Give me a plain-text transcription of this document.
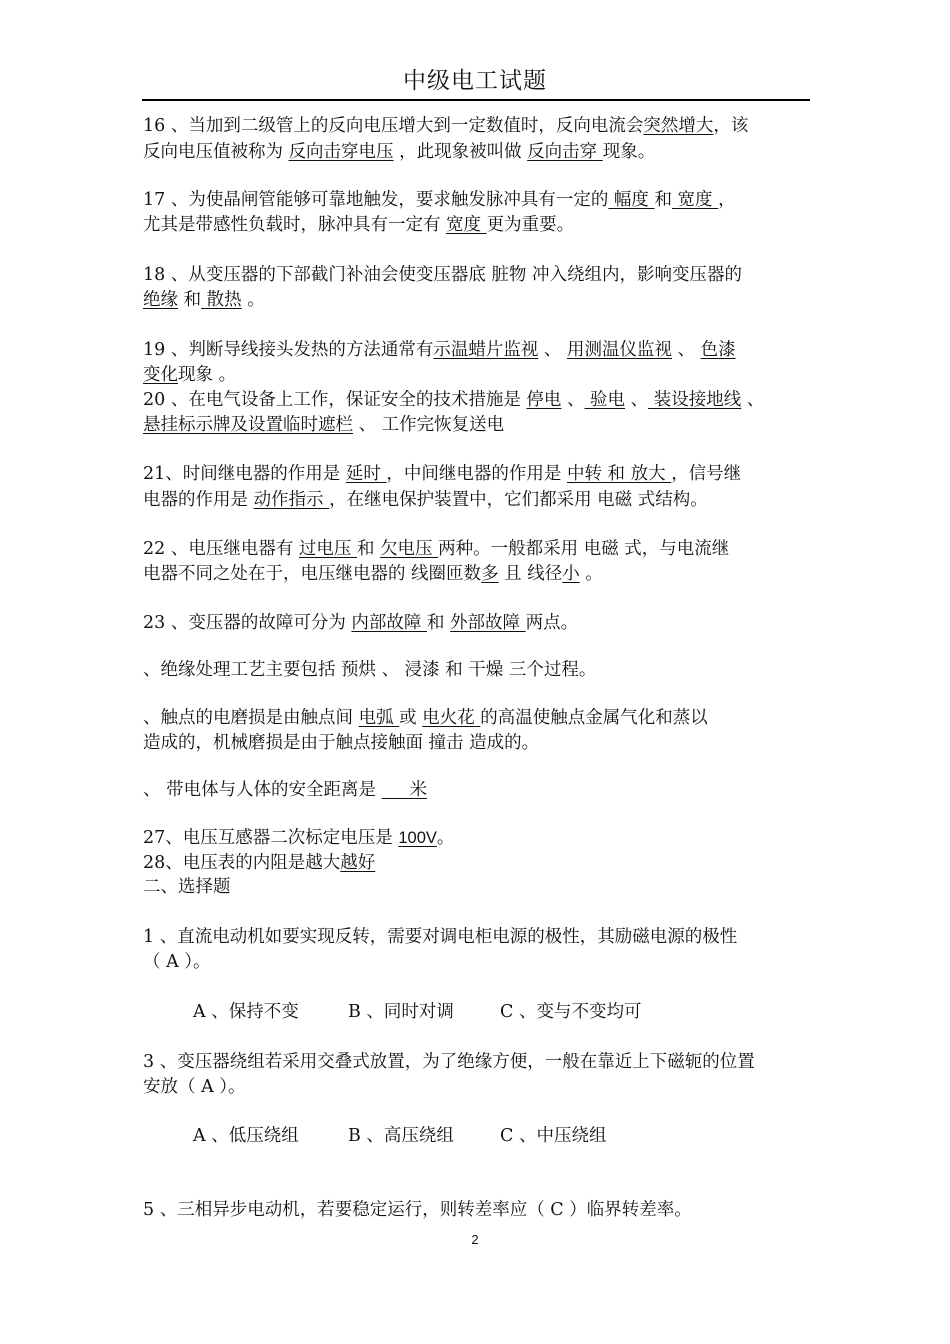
中级电工试题
16 、当加到二级管上的反向电压增大到一定数值时，反向电流会突然增大，该
反向电压值被称为 反向击穿电压 ，此现象被叫做 反向击穿 现象。
17 、为使晶闸管能够可靠地触发，要求触发脉冲具有一定的 幅度 和 宽度 ，
尤其是带感性负载时，脉冲具有一定有 宽度 更为重要。
18 、从变压器的下部截门补油会使变压器底 脏物 冲入绕组内，影响变压器的
绝缘 和 散热 。
19 、判断导线接头发热的方法通常有示温蜡片监视 、 用测温仪监视 、 色漆
变化现象 。
20 、在电气设备上工作，保证安全的技术措施是 停电 、 验电 、 装设接地线 、
悬挂标示牌及设置临时遮栏 、 工作完恢复送电
21、时间继电器的作用是 延时 ，中间继电器的作用是 中转 和 放大 ，信号继
电器的作用是 动作指示 ，在继电保护装置中，它们都采用 电磁 式结构。
22 、电压继电器有 过电压 和 欠电压 两种。一般都采用 电磁 式，与电流继
电器不同之处在于，电压继电器的 线圈匝数多 且 线径小 。
23 、变压器的故障可分为 内部故障 和 外部故障 两点。
、绝缘处理工艺主要包括 预烘 、 浸漆 和 干燥 三个过程。
、触点的电磨损是由触点间 电弧 或 电火花 的高温使触点金属气化和蒸以
造成的，机械磨损是由于触点接触面 撞击 造成的。
、 带电体与人体的安全距离是      米
27、电压互感器二次标定电压是 100V。
28、电压表的内阻是越大越好
二、选择题
1 、直流电动机如要实现反转，需要对调电柜电源的极性，其励磁电源的极性
（ A ）。
A 、保持不变	B 、同时对调	C 、变与不变均可
3 、变压器绕组若采用交叠式放置，为了绝缘方便，一般在靠近上下磁轭的位置
安放（ A ）。
A 、低压绕组	B 、高压绕组	C 、中压绕组
5 、三相异步电动机，若要稳定运行，则转差率应（ C ）临界转差率。
2
